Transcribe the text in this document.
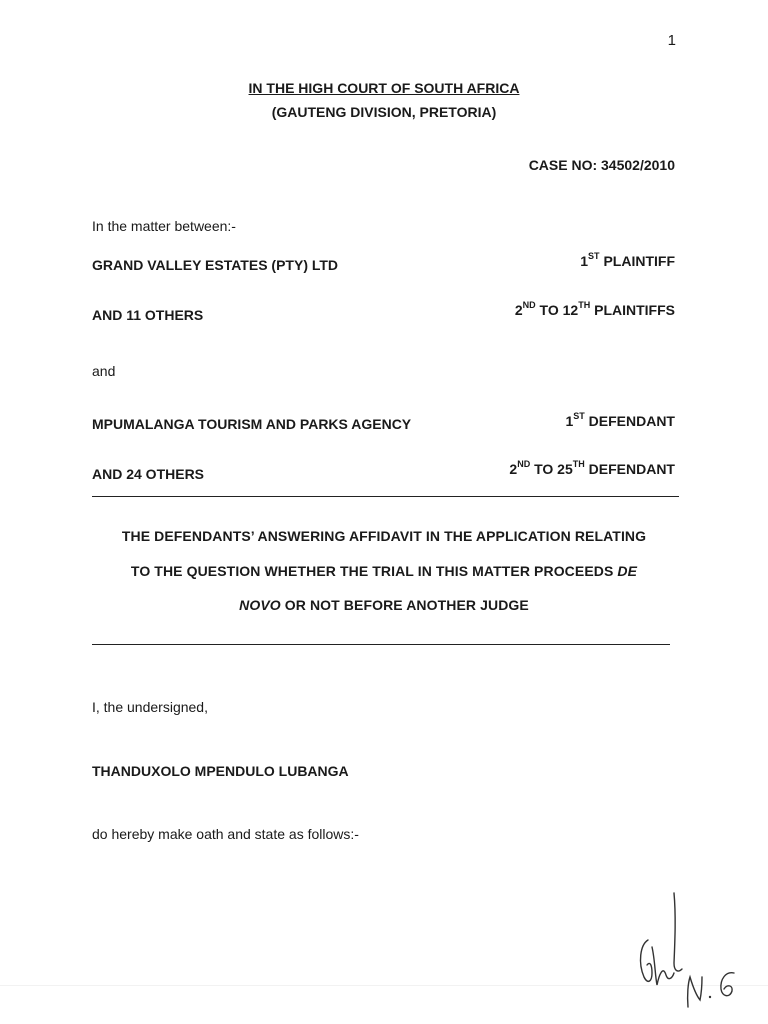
1
IN THE HIGH COURT OF SOUTH AFRICA
(GAUTENG DIVISION, PRETORIA)
CASE NO: 34502/2010
In the matter between:-
GRAND VALLEY ESTATES (PTY) LTD	1ST PLAINTIFF
AND 11 OTHERS	2ND TO 12TH PLAINTIFFS
and
MPUMALANGA TOURISM AND PARKS AGENCY	1ST DEFENDANT
AND 24 OTHERS	2ND TO 25TH DEFENDANT
THE DEFENDANTS’ ANSWERING AFFIDAVIT IN THE APPLICATION RELATING
TO THE QUESTION WHETHER THE TRIAL IN THIS MATTER PROCEEDS DE
NOVO OR NOT BEFORE ANOTHER JUDGE
I, the undersigned,
THANDUXOLO MPENDULO LUBANGA
do hereby make oath and state as follows:-
